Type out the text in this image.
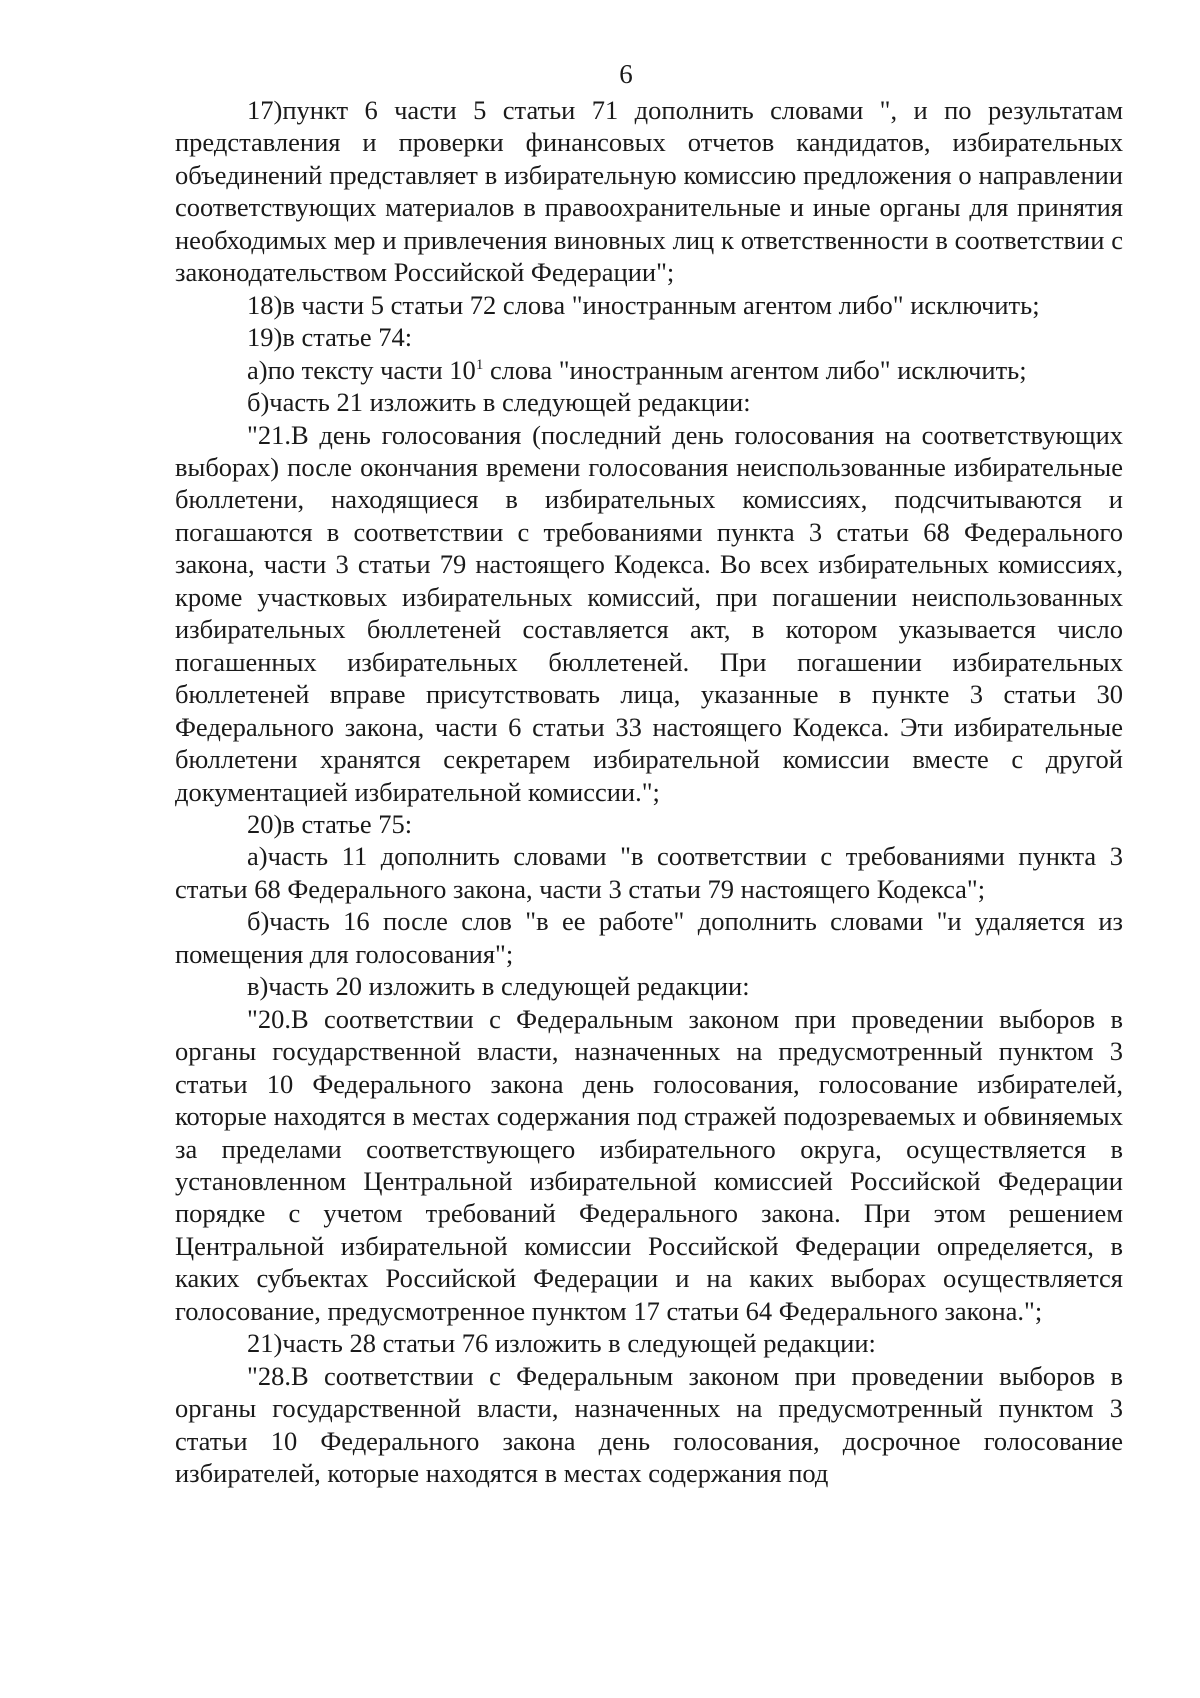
6

17)пункт 6 части 5 статьи 71 дополнить словами ", и по результатам представления и проверки финансовых отчетов кандидатов, избирательных объединений представляет в избирательную комиссию предложения о направлении соответствующих материалов в правоохранительные и иные органы для принятия необходимых мер и привлечения виновных лиц к ответственности в соответствии с законодательством Российской Федерации";

18)в части 5 статьи 72 слова "иностранным агентом либо" исключить;

19)в статье 74:

а)по тексту части $10^1$ слова "иностранным агентом либо" исключить;

б)часть 21 изложить в следующей редакции:

"21.В день голосования (последний день голосования на соответствующих выборах) после окончания времени голосования неиспользованные избирательные бюллетени, находящиеся в избирательных комиссиях, подсчитываются и погашаются в соответствии с требованиями пункта 3 статьи 68 Федерального закона, части 3 статьи 79 настоящего Кодекса. Во всех избирательных комиссиях, кроме участковых избирательных комиссий, при погашении неиспользованных избирательных бюллетеней составляется акт, в котором указывается число погашенных избирательных бюллетеней. При погашении избирательных бюллетеней вправе присутствовать лица, указанные в пункте 3 статьи 30 Федерального закона, части 6 статьи 33 настоящего Кодекса. Эти избирательные бюллетени хранятся секретарем избирательной комиссии вместе с другой документацией избирательной комиссии.";

20)в статье 75:

а)часть 11 дополнить словами "в соответствии с требованиями пункта 3 статьи 68 Федерального закона, части 3 статьи 79 настоящего Кодекса";

б)часть 16 после слов "в ее работе" дополнить словами "и удаляется из помещения для голосования";

в)часть 20 изложить в следующей редакции:

"20.В соответствии с Федеральным законом при проведении выборов в органы государственной власти, назначенных на предусмотренный пунктом 3 статьи 10 Федерального закона день голосования, голосование избирателей, которые находятся в местах содержания под стражей подозреваемых и обвиняемых за пределами соответствующего избирательного округа, осуществляется в установленном Центральной избирательной комиссией Российской Федерации порядке с учетом требований Федерального закона. При этом решением Центральной избирательной комиссии Российской Федерации определяется, в каких субъектах Российской Федерации и на каких выборах осуществляется голосование, предусмотренное пунктом 17 статьи 64 Федерального закона.";

21)часть 28 статьи 76 изложить в следующей редакции:

"28.В соответствии с Федеральным законом при проведении выборов в органы государственной власти, назначенных на предусмотренный пунктом 3 статьи 10 Федерального закона день голосования, досрочное голосование избирателей, которые находятся в местах содержания под
